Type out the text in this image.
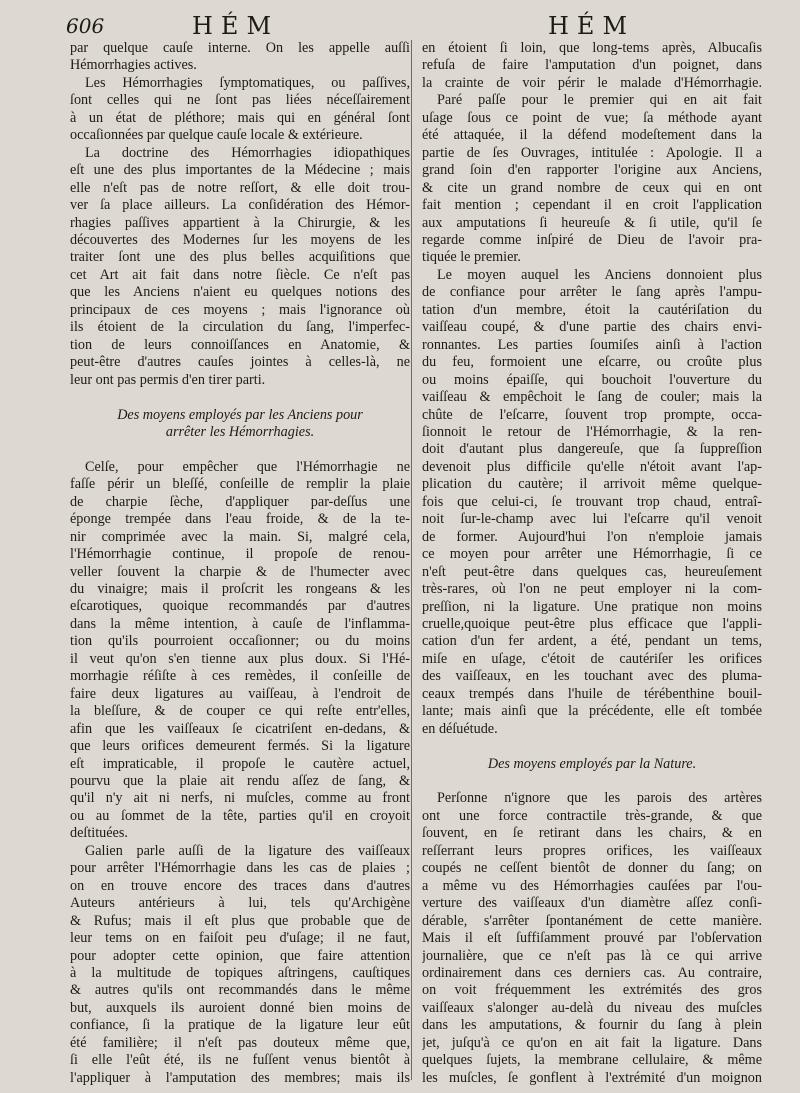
606	HÉM	HÉM
par quelque cauſe interne. On les appelle auſſi
Hémorrhagies actives.
Les Hémorrhagies ſymptomatiques, ou paſſives,
ſont celles qui ne ſont pas liées néceſſairement
à un état de pléthore; mais qui en général ſont
occaſionnées par quelque cauſe locale & extérieure.
La doctrine des Hémorrhagies idiopathiques
eſt une des plus importantes de la Médecine ; mais
elle n'eſt pas de notre reſſort, & elle doit trou-
ver ſa place ailleurs. La conſidération des Hémor-
rhagies paſſives appartient à la Chirurgie, & les
découvertes des Modernes ſur les moyens de les
traiter ſont une des plus belles acquiſitions que
cet Art ait fait dans notre ſiècle. Ce n'eſt pas
que les Anciens n'aient eu quelques notions des
principaux de ces moyens ; mais l'ignorance où
ils étoient de la circulation du ſang, l'imperfec-
tion de leurs connoiſſances en Anatomie, &
peut-être d'autres cauſes jointes à celles-là, ne
leur ont pas permis d'en tirer parti.
Des moyens employés par les Anciens pour
arrêter les Hémorrhagies.
Celſe, pour empêcher que l'Hémorrhagie ne
faſſe périr un bleſſé, conſeille de remplir la plaie
de charpie ſèche, d'appliquer par-deſſus une
éponge trempée dans l'eau froide, & de la te-
nir comprimée avec la main. Si, malgré cela,
l'Hémorrhagie continue, il propoſe de renou-
veller ſouvent la charpie & de l'humecter avec
du vinaigre; mais il proſcrit les rongeans & les
eſcarotiques, quoique recommandés par d'autres
dans la même intention, à cauſe de l'inflamma-
tion qu'ils pourroient occaſionner; ou du moins
il veut qu'on s'en tienne aux plus doux. Si l'Hé-
morrhagie réſiſte à ces remèdes, il conſeille de
faire deux ligatures au vaiſſeau, à l'endroit de
la bleſſure, & de couper ce qui reſte entr'elles,
afin que les vaiſſeaux ſe cicatriſent en-dedans, &
que leurs orifices demeurent fermés. Si la ligature
eſt impraticable, il propoſe le cautère actuel,
pourvu que la plaie ait rendu aſſez de ſang, &
qu'il n'y ait ni nerfs, ni muſcles, comme au front
ou au ſommet de la tête, parties qu'il en croyoit
deſtituées.
Galien parle auſſi de la ligature des vaiſſeaux
pour arrêter l'Hémorrhagie dans les cas de plaies ;
on en trouve encore des traces dans d'autres
Auteurs antérieurs à lui, tels qu'Archigène
& Rufus; mais il eſt plus que probable que de
leur tems on en faiſoit peu d'uſage; il ne faut,
pour adopter cette opinion, que faire attention
à la multitude de topiques aſtringens, cauſtiques
& autres qu'ils ont recommandés dans le même
but, auxquels ils auroient donné bien moins de
confiance, ſi la pratique de la ligature leur eût
été familière; il n'eſt pas douteux même que,
ſi elle l'eût été, ils ne fuſſent venus bientôt à
l'appliquer à l'amputation des membres; mais ils
en étoient ſi loin, que long-tems après, Albucaſis
refuſa de faire l'amputation d'un poignet, dans
la crainte de voir périr le malade d'Hémorrhagie.
Paré paſſe pour le premier qui en ait fait
uſage ſous ce point de vue; ſa méthode ayant
été attaquée, il la défend modeſtement dans la
partie de ſes Ouvrages, intitulée : Apologie. Il a
grand ſoin d'en rapporter l'origine aux Anciens,
& cite un grand nombre de ceux qui en ont
fait mention ; cependant il en croit l'application
aux amputations ſi heureuſe & ſi utile, qu'il ſe
regarde comme inſpiré de Dieu de l'avoir pra-
tiquée le premier.
Le moyen auquel les Anciens donnoient plus
de confiance pour arrêter le ſang après l'ampu-
tation d'un membre, étoit la cautériſation du
vaiſſeau coupé, & d'une partie des chairs envi-
ronnantes. Les parties ſoumiſes ainſi à l'action
du feu, formoient une eſcarre, ou croûte plus
ou moins épaiſſe, qui bouchoit l'ouverture du
vaiſſeau & empêchoit le ſang de couler; mais la
chûte de l'eſcarre, ſouvent trop prompte, occa-
ſionnoit le retour de l'Hémorrhagie, & la ren-
doit d'autant plus dangereuſe, que ſa ſuppreſſion
devenoit plus difficile qu'elle n'étoit avant l'ap-
plication du cautère; il arrivoit même quelque-
fois que celui-ci, ſe trouvant trop chaud, entraî-
noit ſur-le-champ avec lui l'eſcarre qu'il venoit
de former. Aujourd'hui l'on n'emploie jamais
ce moyen pour arrêter une Hémorrhagie, ſi ce
n'eſt peut-être dans quelques cas, heureuſement
très-rares, où l'on ne peut employer ni la com-
preſſion, ni la ligature. Une pratique non moins
cruelle,quoique peut-être plus efficace que l'appli-
cation d'un fer ardent, a été, pendant un tems,
miſe en uſage, c'étoit de cautériſer les orifices
des vaiſſeaux, en les touchant avec des pluma-
ceaux trempés dans l'huile de térébenthine bouil-
lante; mais ainſi que la précédente, elle eſt tombée
en déſuétude.
Des moyens employés par la Nature.
Perſonne n'ignore que les parois des artères
ont une force contractile très-grande, & que
ſouvent, en ſe retirant dans les chairs, & en
reſſerrant leurs propres orifices, les vaiſſeaux
coupés ne ceſſent bientôt de donner du ſang; on
a même vu des Hémorrhagies cauſées par l'ou-
verture des vaiſſeaux d'un diamètre aſſez conſi-
dérable, s'arrêter ſpontanément de cette manière.
Mais il eſt ſuffiſamment prouvé par l'obſervation
journalière, que ce n'eſt pas là ce qui arrive
ordinairement dans ces derniers cas. Au contraire,
on voit fréquemment les extrémités des gros
vaiſſeaux s'alonger au-delà du niveau des muſcles
dans les amputations, & fournir du ſang à plein
jet, juſqu'à ce qu'on en ait fait la ligature. Dans
quelques ſujets, la membrane cellulaire, & même
les muſcles, ſe gonflent à l'extrémité d'un moignon
